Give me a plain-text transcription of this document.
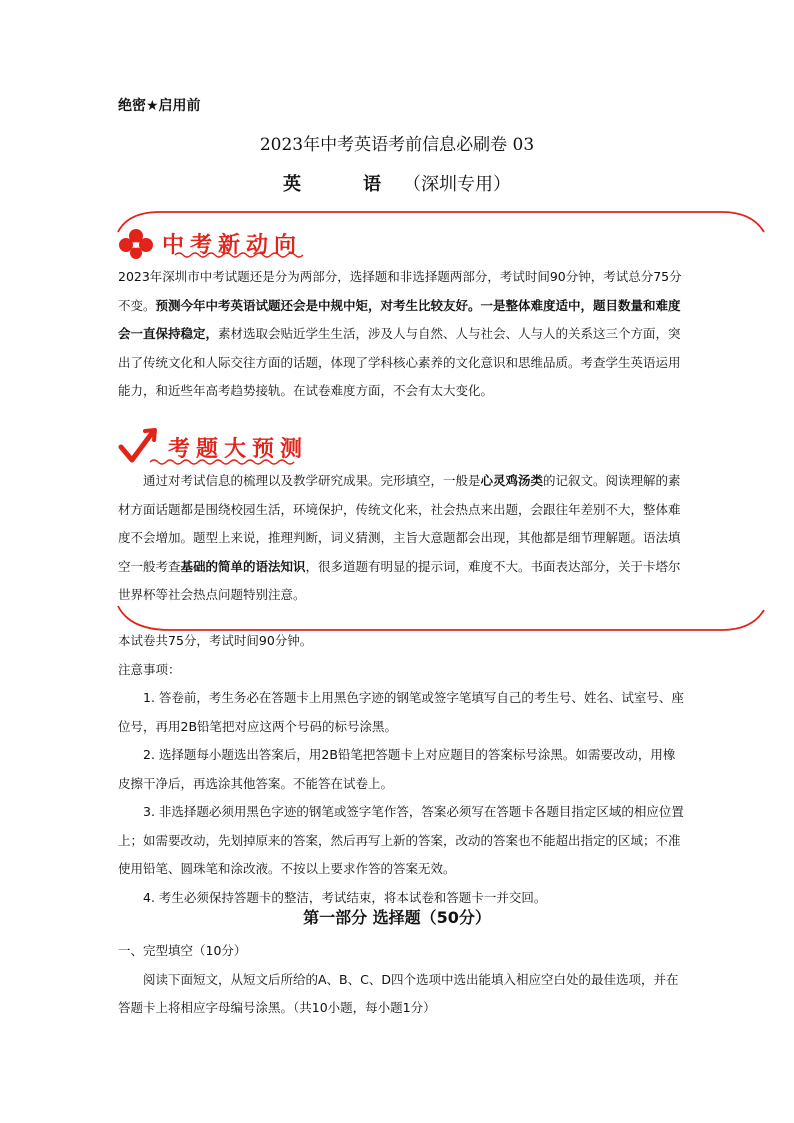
绝密★启用前
2023年中考英语考前信息必刷卷 03
英　语（深圳专用）
中考新动向
2023年深圳市中考试题还是分为两部分，选择题和非选择题两部分，考试时间90分钟，考试总分75分不变。预测今年中考英语试题还会是中规中矩，对考生比较友好。一是整体难度适中，题目数量和难度会一直保持稳定，素材选取会贴近学生生活，涉及人与自然、人与社会、人与人的关系这三个方面，突出了传统文化和人际交往方面的话题，体现了学科核心素养的文化意识和思维品质。考查学生英语运用能力，和近些年高考趋势接轨。在试卷难度方面，不会有太大变化。
考题大预测
通过对考试信息的梳理以及教学研究成果。完形填空，一般是心灵鸡汤类的记叙文。阅读理解的素材方面话题都是围绕校园生活，环境保护，传统文化来，社会热点来出题，会跟往年差别不大，整体难度不会增加。题型上来说，推理判断，词义猜测，主旨大意题都会出现，其他都是细节理解题。语法填空一般考查基础的简单的语法知识，很多道题有明显的提示词，难度不大。书面表达部分，关于卡塔尔世界杯等社会热点问题特别注意。

本试卷共75分，考试时间90分钟。

注意事项：

1. 答卷前，考生务必在答题卡上用黑色字迹的钢笔或签字笔填写自己的考生号、姓名、试室号、座位号，再用2B铅笔把对应这两个号码的标号涂黑。

2. 选择题每小题选出答案后，用2B铅笔把答题卡上对应题目的答案标号涂黑。如需要改动，用橡皮擦干净后，再选涂其他答案。不能答在试卷上。

3. 非选择题必须用黑色字迹的钢笔或签字笔作答，答案必须写在答题卡各题目指定区域的相应位置上；如需要改动，先划掉原来的答案，然后再写上新的答案，改动的答案也不能超出指定的区域；不准使用铅笔、圆珠笔和涂改液。不按以上要求作答的答案无效。

4. 考生必须保持答题卡的整洁，考试结束，将本试卷和答题卡一并交回。

第一部分 选择题（50分）

一、完型填空（10分）

阅读下面短文，从短文后所给的A、B、C、D四个选项中选出能填入相应空白处的最佳选项，并在答题卡上将相应字母编号涂黑。（共10小题，每小题1分）
